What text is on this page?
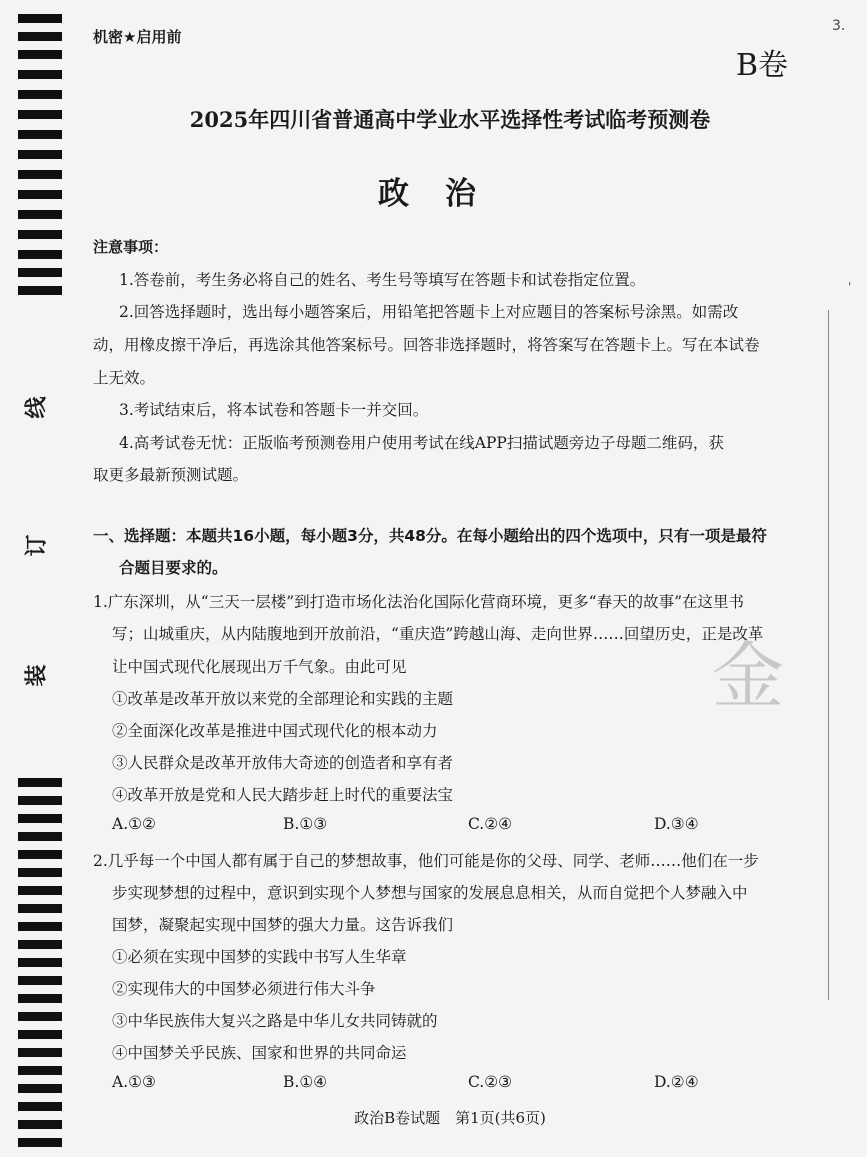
线
订
装
3.
'
机密★启用前
B卷
2025年四川省普通高中学业水平选择性考试临考预测卷
政治
注意事项：
1.答卷前，考生务必将自己的姓名、考生号等填写在答题卡和试卷指定位置。
2.回答选择题时，选出每小题答案后，用铅笔把答题卡上对应题目的答案标号涂黑。如需改
动，用橡皮擦干净后，再选涂其他答案标号。回答非选择题时，将答案写在答题卡上。写在本试卷
上无效。
3.考试结束后，将本试卷和答题卡一并交回。
4.高考试卷无忧：正版临考预测卷用户使用考试在线APP扫描试题旁边子母题二维码，获
取更多最新预测试题。
一、选择题：本题共16小题，每小题3分，共48分。在每小题给出的四个选项中，只有一项是最符
合题目要求的。
1.广东深圳，从“三天一层楼”到打造市场化法治化国际化营商环境，更多“春天的故事”在这里书
写；山城重庆，从内陆腹地到开放前沿，“重庆造”跨越山海、走向世界……回望历史，正是改革
让中国式现代化展现出万千气象。由此可见
①改革是改革开放以来党的全部理论和实践的主题
②全面深化改革是推进中国式现代化的根本动力
③人民群众是改革开放伟大奇迹的创造者和享有者
④改革开放是党和人民大踏步赶上时代的重要法宝
A.①②	B.①③	C.②④	D.③④
2.几乎每一个中国人都有属于自己的梦想故事，他们可能是你的父母、同学、老师……他们在一步
步实现梦想的过程中，意识到实现个人梦想与国家的发展息息相关，从而自觉把个人梦融入中
国梦，凝聚起实现中国梦的强大力量。这告诉我们
①必须在实现中国梦的实践中书写人生华章
②实现伟大的中国梦必须进行伟大斗争
③中华民族伟大复兴之路是中华儿女共同铸就的
④中国梦关乎民族、国家和世界的共同命运
A.①③	B.①④	C.②③	D.②④
金
政治B卷试题　第1页(共6页)
